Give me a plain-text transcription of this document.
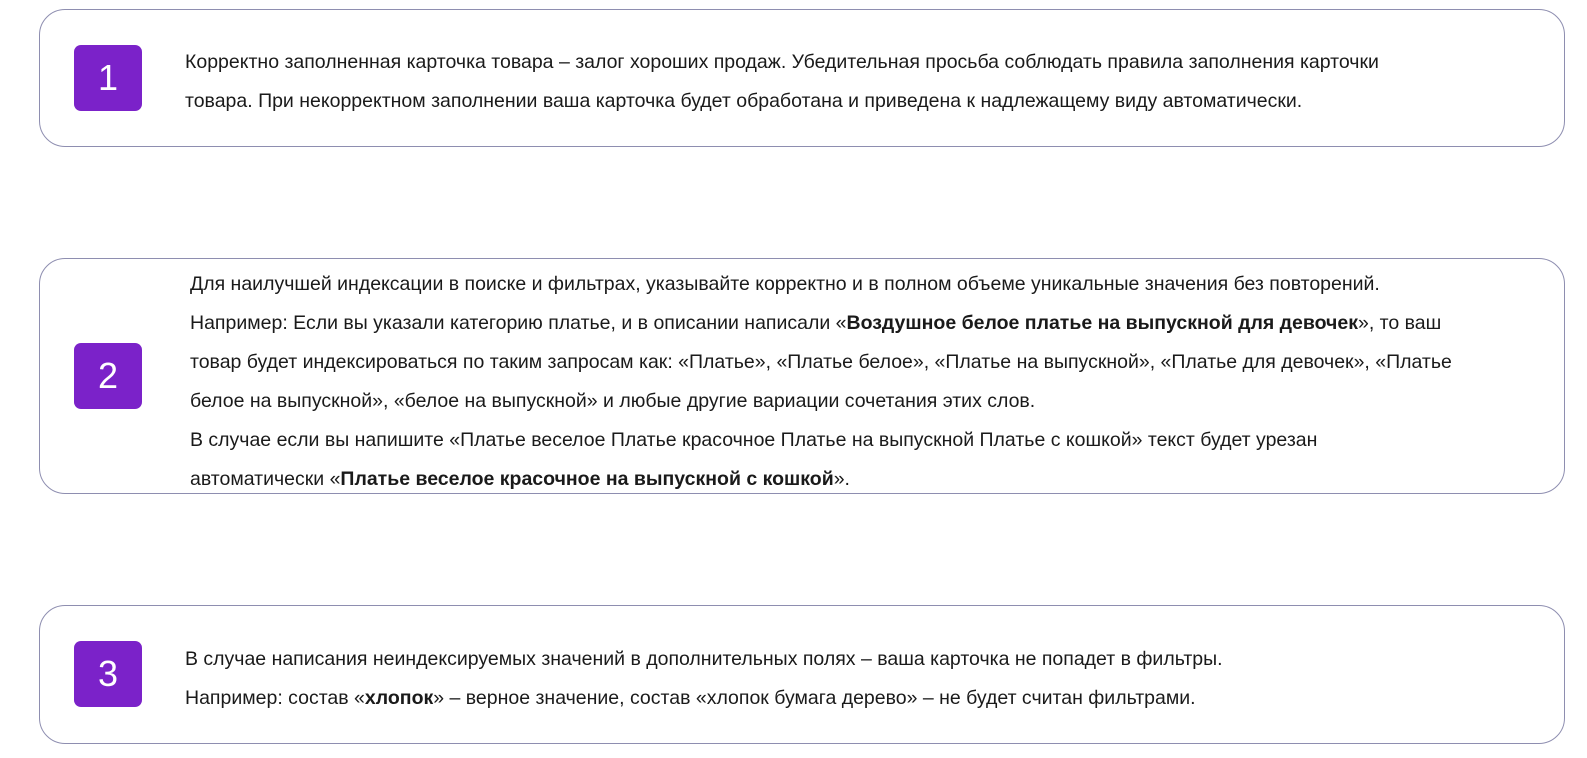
1	Корректно заполненная карточка товара – залог хороших продаж. Убедительная просьба соблюдать правила заполнения карточки
товара. При некорректном заполнении ваша карточка будет обработана и приведена к надлежащему виду автоматически.
2
Для наилучшей индексации в поиске и фильтрах, указывайте корректно и в полном объеме уникальные значения без повторений.
Например: Если вы указали категорию платье, и в описании написали «Воздушное белое платье на выпускной для девочек», то ваш
товар будет индексироваться по таким запросам как: «Платье», «Платье белое», «Платье на выпускной», «Платье для девочек», «Платье
белое на выпускной», «белое на выпускной» и любые другие вариации сочетания этих слов.
В случае если вы напишите «Платье веселое Платье красочное Платье на выпускной Платье с кошкой» текст будет урезан
автоматически «Платье веселое красочное на выпускной с кошкой».
3	В случае написания неиндексируемых значений в дополнительных полях – ваша карточка не попадет в фильтры.
Например: состав «хлопок» – верное значение, состав «хлопок бумага дерево» – не будет считан фильтрами.
